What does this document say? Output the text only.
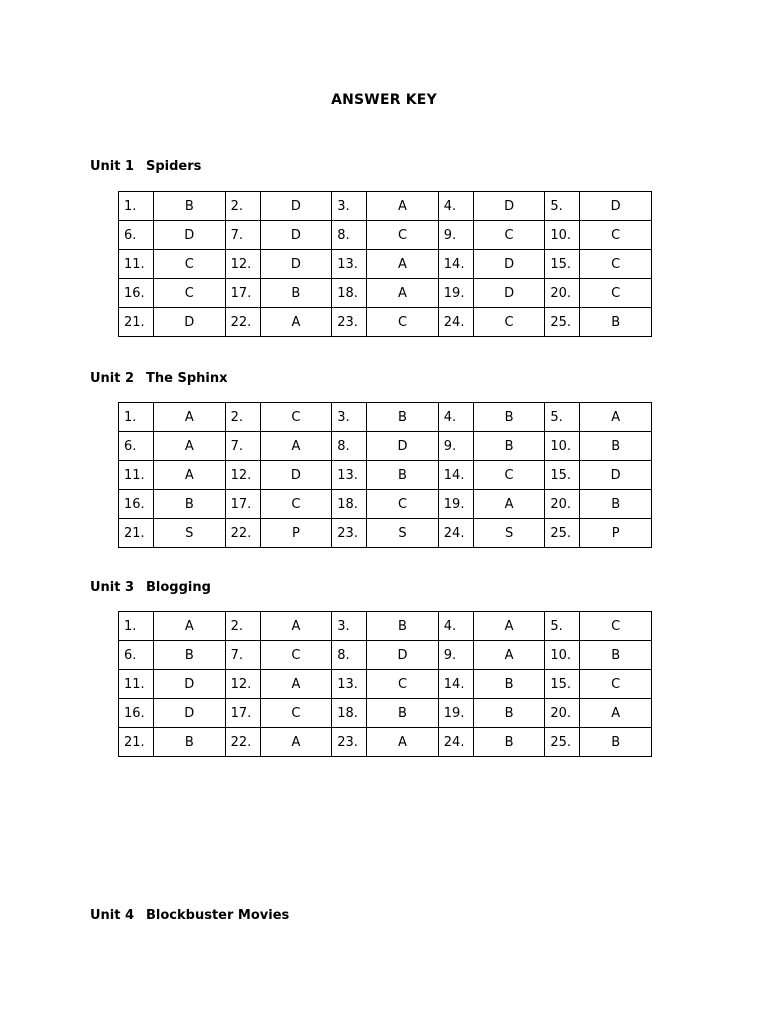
ANSWER KEY
Unit 1 Spiders
1.	B	2.	D	3.	A	4.	D	5.	D
6.	D	7.	D	8.	C	9.	C	10.	C
11.	C	12.	D	13.	A	14.	D	15.	C
16.	C	17.	B	18.	A	19.	D	20.	C
21.	D	22.	A	23.	C	24.	C	25.	B
Unit 2 The Sphinx
1.	A	2.	C	3.	B	4.	B	5.	A
6.	A	7.	A	8.	D	9.	B	10.	B
11.	A	12.	D	13.	B	14.	C	15.	D
16.	B	17.	C	18.	C	19.	A	20.	B
21.	S	22.	P	23.	S	24.	S	25.	P
Unit 3 Blogging
1.	A	2.	A	3.	B	4.	A	5.	C
6.	B	7.	C	8.	D	9.	A	10.	B
11.	D	12.	A	13.	C	14.	B	15.	C
16.	D	17.	C	18.	B	19.	B	20.	A
21.	B	22.	A	23.	A	24.	B	25.	B
Unit 4 Blockbuster Movies
